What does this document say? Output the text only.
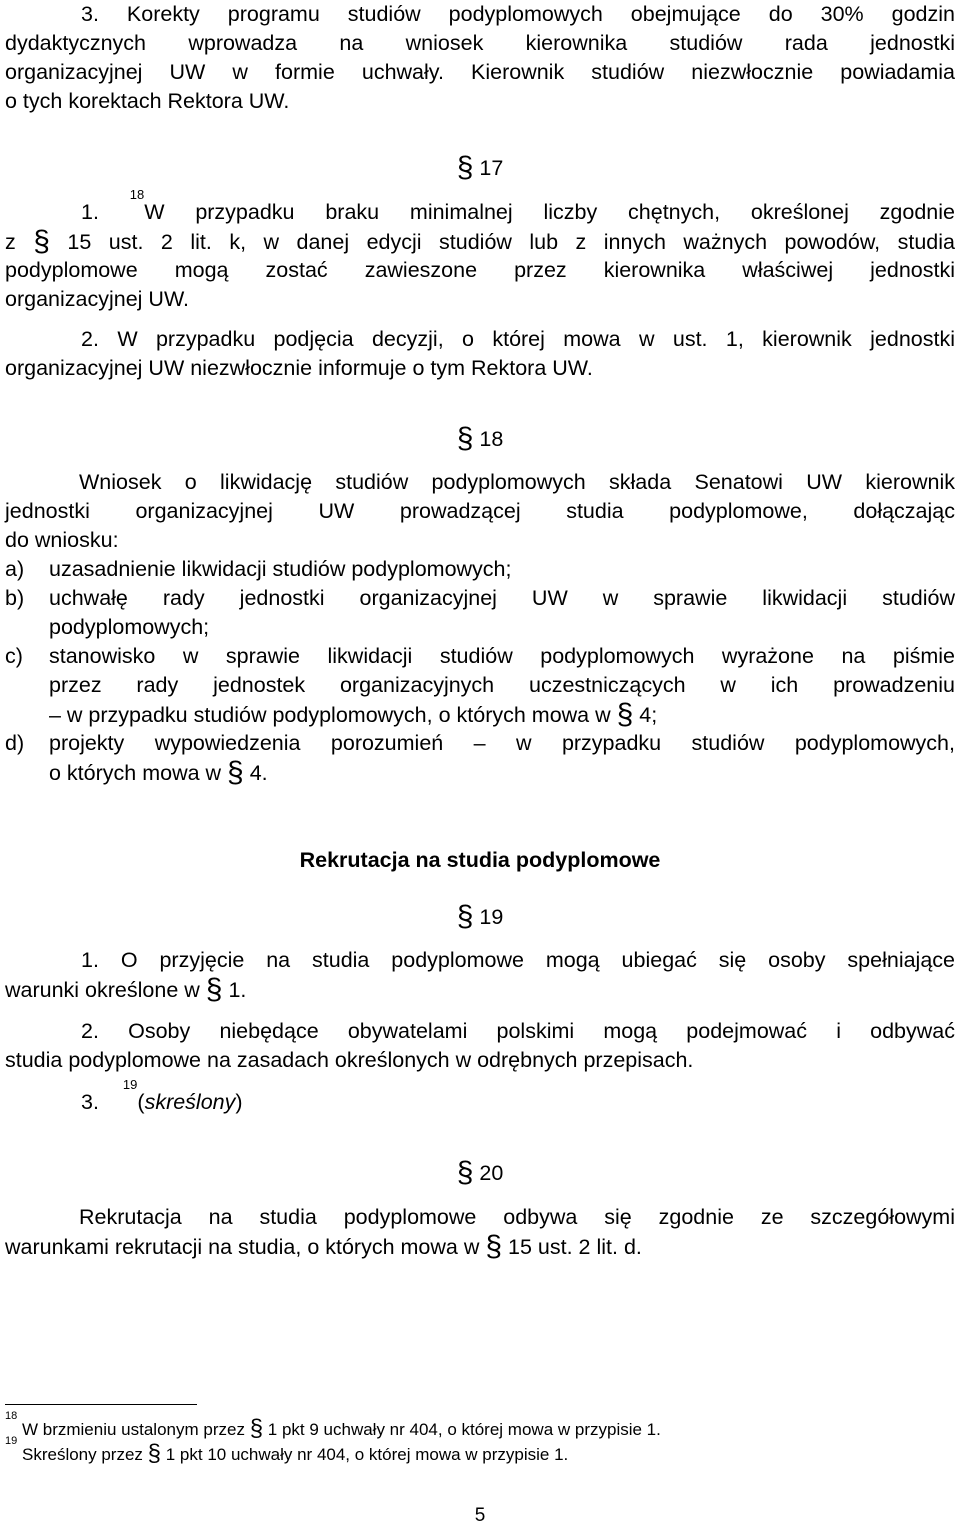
3. Korekty programu studiów podyplomowych obejmujące do 30% godzin
dydaktycznych wprowadza na wniosek kierownika studiów rada jednostki
organizacyjnej UW w formie uchwały. Kierownik studiów niezwłocznie powiadamia
o tych korektach Rektora UW.
§ 17
1. $^{18}$W przypadku braku minimalnej liczby chętnych, określonej zgodnie
z § 15 ust. 2 lit. k, w danej edycji studiów lub z innych ważnych powodów, studia
podyplomowe mogą zostać zawieszone przez kierownika właściwej jednostki
organizacyjnej UW.
2. W przypadku podjęcia decyzji, o której mowa w ust. 1, kierownik jednostki
organizacyjnej UW niezwłocznie informuje o tym Rektora UW.
§ 18
Wniosek o likwidację studiów podyplomowych składa Senatowi UW kierownik
jednostki organizacyjnej UW prowadzącej studia podyplomowe, dołączając
do wniosku:
a) uzasadnienie likwidacji studiów podyplomowych;
b) uchwałę rady jednostki organizacyjnej UW w sprawie likwidacji studiów
podyplomowych;
c) stanowisko w sprawie likwidacji studiów podyplomowych wyrażone na piśmie
przez rady jednostek organizacyjnych uczestniczących w ich prowadzeniu
– w przypadku studiów podyplomowych, o których mowa w § 4;
d) projekty wypowiedzenia porozumień – w przypadku studiów podyplomowych,
o których mowa w § 4.
Rekrutacja na studia podyplomowe
§ 19
1. O przyjęcie na studia podyplomowe mogą ubiegać się osoby spełniające
warunki określone w § 1.
2. Osoby niebędące obywatelami polskimi mogą podejmować i odbywać
studia podyplomowe na zasadach określonych w odrębnych przepisach.
3. $^{19}$(skreślony)
§ 20
Rekrutacja na studia podyplomowe odbywa się zgodnie ze szczegółowymi
warunkami rekrutacji na studia, o których mowa w § 15 ust. 2 lit. d.
$^{18}$ W brzmieniu ustalonym przez § 1 pkt 9 uchwały nr 404, o której mowa w przypisie 1.
$^{19}$ Skreślony przez § 1 pkt 10 uchwały nr 404, o której mowa w przypisie 1.
5
